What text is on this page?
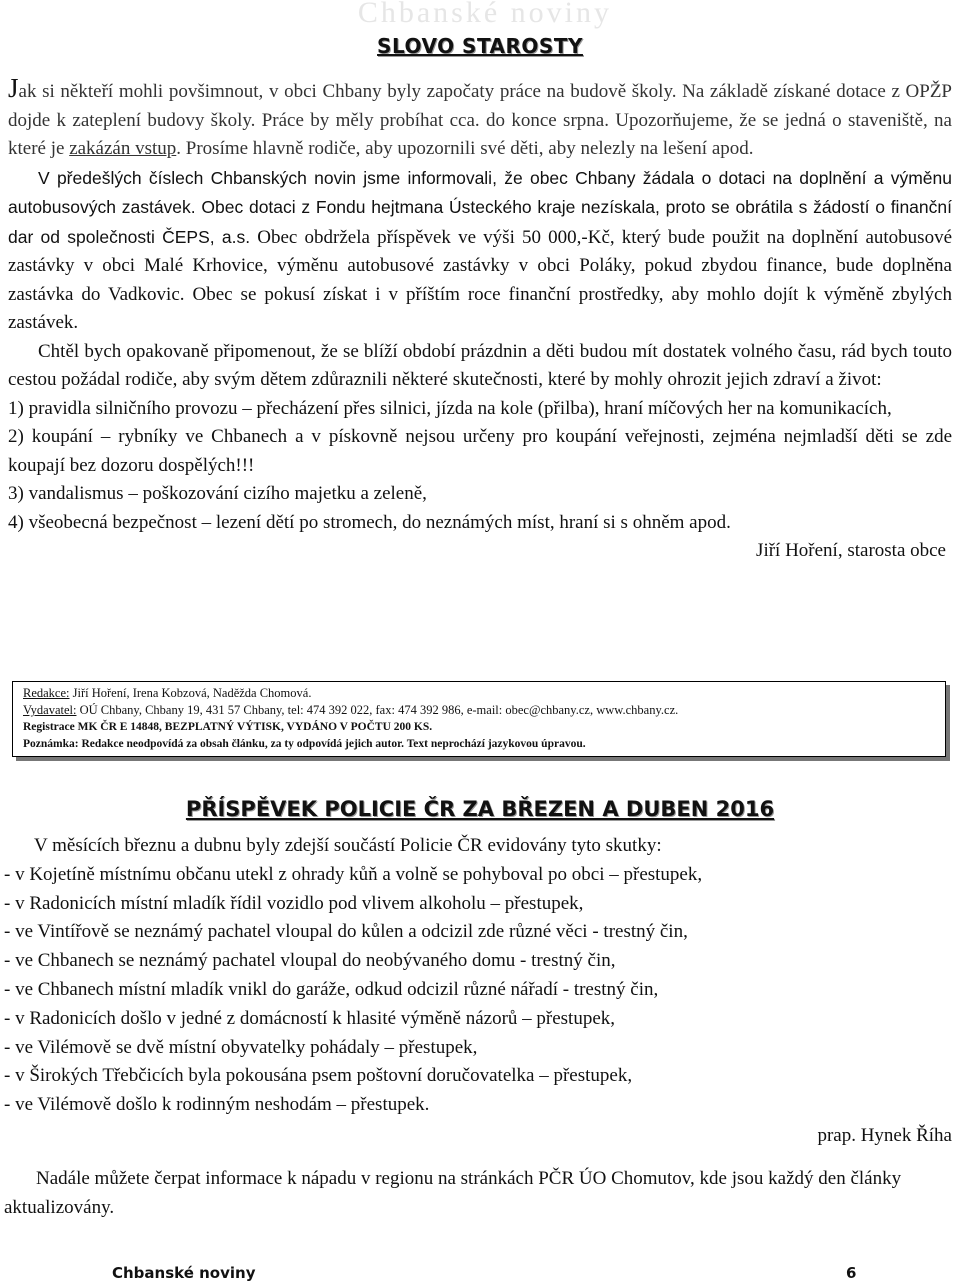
Chbanské noviny
SLOVO STAROSTY

Jak si někteří mohli povšimnout, v obci Chbany byly započaty práce na budově školy. Na základě získané dotace z OPŽP dojde k zateplení budovy školy. Práce by měly probíhat cca. do konce srpna. Upozorňujeme, že se jedná o staveniště, na které je zakázán vstup. Prosíme hlavně rodiče, aby upozornili své děti, aby nelezly na lešení apod.

V předešlých číslech Chbanských novin jsme informovali, že obec Chbany žádala o dotaci na doplnění a výměnu autobusových zastávek. Obec dotaci z Fondu hejtmana Ústeckého kraje nezískala, proto se obrátila s žádostí o finanční dar od společnosti ČEPS, a.s. Obec obdržela příspěvek ve výši 50 000,-Kč, který bude použit na doplnění autobusové zastávky v obci Malé Krhovice, výměnu autobusové zastávky v obci Poláky, pokud zbydou finance, bude doplněna zastávka do Vadkovic. Obec se pokusí získat i v příštím roce finanční prostředky, aby mohlo dojít k výměně zbylých zastávek.

Chtěl bych opakovaně připomenout, že se blíží období prázdnin a děti budou mít dostatek volného času, rád bych touto cestou požádal rodiče, aby svým dětem zdůraznili některé skutečnosti, které by mohly ohrozit jejich zdraví a život:

1) pravidla silničního provozu – přecházení přes silnici, jízda na kole (přilba), hraní míčových her na komunikacích,

2) koupání – rybníky ve Chbanech a v pískovně nejsou určeny pro koupání veřejnosti, zejména nejmladší děti se zde koupají bez dozoru dospělých!!!

3) vandalismus – poškozování cizího majetku a zeleně,

4) všeobecná bezpečnost – lezení dětí po stromech, do neznámých míst, hraní si s ohněm apod.

Jiří Hoření, starosta obce

Redakce: Jiří Hoření, Irena Kobzová, Naděžda Chomová.
Vydavatel: OÚ Chbany, Chbany 19, 431 57 Chbany, tel: 474 392 022, fax: 474 392 986, e-mail: obec@chbany.cz, www.chbany.cz.
Registrace MK ČR E 14848, BEZPLATNÝ VÝTISK, VYDÁNO V POČTU 200 KS.
Poznámka: Redakce neodpovídá za obsah článku, za ty odpovídá jejich autor. Text neprochází jazykovou úpravou.
PŘÍSPĚVEK POLICIE ČR ZA BŘEZEN A DUBEN 2016

V měsících březnu a dubnu byly zdejší součástí Policie ČR evidovány tyto skutky:

- v Kojetíně místnímu občanu utekl z ohrady kůň a volně se pohyboval po obci – přestupek,

- v Radonicích místní mladík řídil vozidlo pod vlivem alkoholu – přestupek,

- ve Vintířově se neznámý pachatel vloupal do kůlen a odcizil zde různé věci - trestný čin,

- ve Chbanech se neznámý pachatel vloupal do neobývaného domu - trestný čin,

- ve Chbanech místní mladík vnikl do garáže, odkud odcizil různé nářadí - trestný čin,

- v Radonicích došlo v jedné z domácností k hlasité výměně názorů – přestupek,

- ve Vilémově se dvě místní obyvatelky pohádaly – přestupek,

- v Širokých Třebčicích byla pokousána psem poštovní doručovatelka – přestupek,

- ve Vilémově došlo k rodinným neshodám – přestupek.

prap. Hynek Říha

Nadále můžete čerpat informace k nápadu v regionu na stránkách PČR ÚO Chomutov, kde jsou každý den články aktualizovány.

Chbanské noviny	6
